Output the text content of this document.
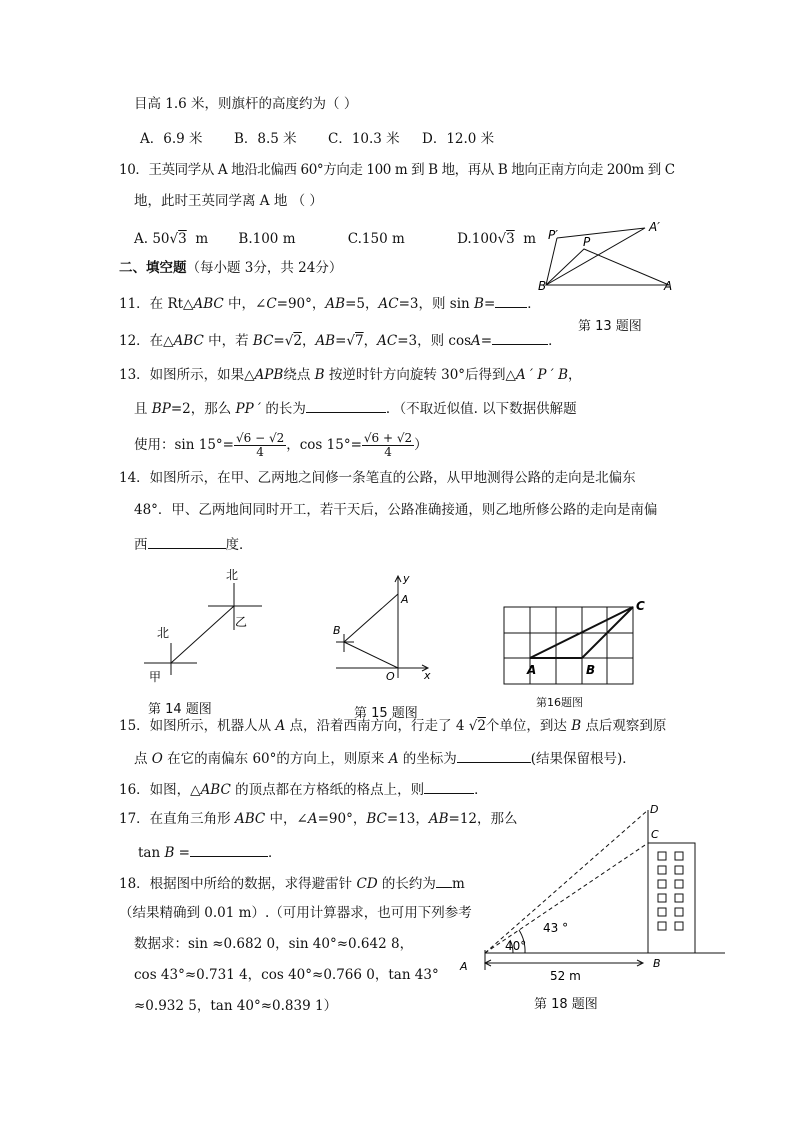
目高 1.6 米，则旗杆的高度约为（ ）
A．6.9 米 B．8.5 米 C．10.3 米 D．12.0 米
10．王英同学从 A 地沿北偏西 60°方向走 100 m 到 B 地，再从 B 地向正南方向走 200m 到 C
地，此时王英同学离 A 地 （ ）
A. 50√3 m B.100 m	C.150 m	D.100√3 m
二、填空题（每小题 3分，共 24分）
11．在 Rt△ABC 中，∠C=90°，AB=5，AC=3，则 sin B= ．
12．在△ABC 中，若 BC=√2，AB=√7，AC=3，则 cosA=	．
13．如图所示，如果△APB绕点 B 按逆时针方向旋转 30°后得到△A ′ P ′ B，
且 BP=2，那么 PP ′ 的长为	．（不取近似值. 以下数据供解题
使用：$\sin 15^\circ= \frac{√6 - √2}{4}$ ，$\cos 15^\circ= \frac{√6 + √2}{4}$ ）
14．如图所示，在甲、乙两地之间修一条笔直的公路，从甲地测得公路的走向是北偏东
48°．甲、乙两地间同时开工，若干天后，公路准确接通，则乙地所修公路的走向是南偏
西	度．
P′
A′
P
B	A
第 13 题图
北
乙
北
甲
第 14 题图
y
A
B
O	x
第 15 题图
C
A	B
第16题图
15．如图所示，机器人从 A 点，沿着西南方向，行走了 4 √2个单位，到达 B 点后观察到原
点 O 在它的南偏东 60°的方向上，则原来 A 的坐标为	(结果保留根号)．
16．如图，△ABC 的顶点都在方格纸的格点上，则	．
17．在直角三角形 ABC 中，∠A=90°，BC=13，AB=12，那么
tan B =	．
18．根据图中所给的数据，求得避雷针 CD 的长约为 m
（结果精确到 0.01 m）.（可用计算器求，也可用下列参考
数据求：sin ≈0.682 0，sin 40°≈0.642 8，
cos 43°≈0.731 4，cos 40°≈0.766 0，tan 43°
≈0.932 5，tan 40°≈0.839 1）
D
C
43 °
40°
A	B
52 m
第 18 题图
